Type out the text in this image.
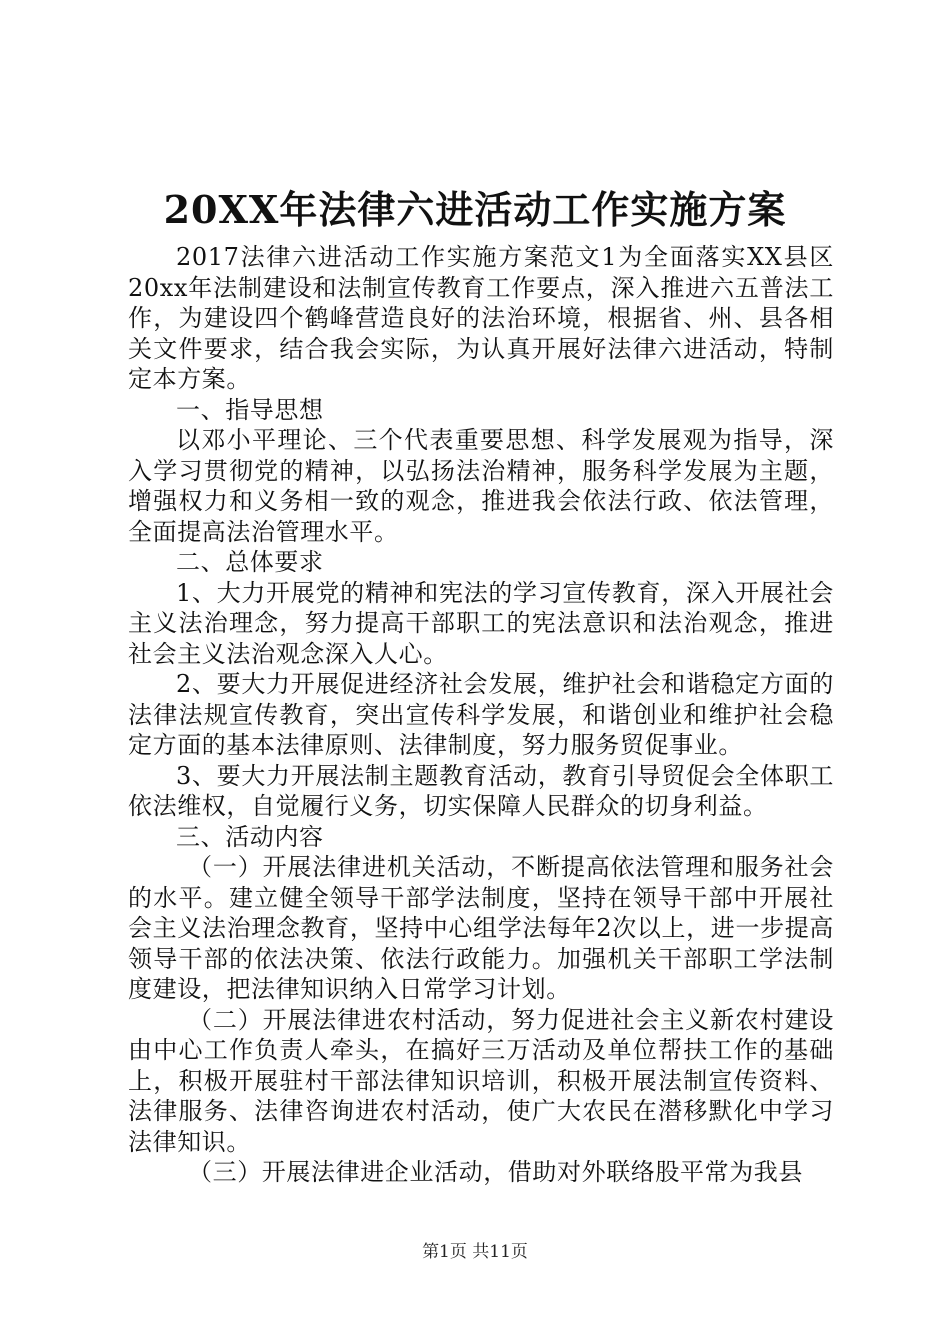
20XX年法律六进活动工作实施方案

2017法律六进活动工作实施方案范文1为全面落实XX县区20xx年法制建设和法制宣传教育工作要点，深入推进六五普法工作，为建设四个鹤峰营造良好的法治环境，根据省、州、县各相关文件要求，结合我会实际，为认真开展好法律六进活动，特制定本方案。

一、指导思想

以邓小平理论、三个代表重要思想、科学发展观为指导，深入学习贯彻党的精神，以弘扬法治精神，服务科学发展为主题，增强权力和义务相一致的观念，推进我会依法行政、依法管理，全面提高法治管理水平。

二、总体要求

1、大力开展党的精神和宪法的学习宣传教育，深入开展社会主义法治理念，努力提高干部职工的宪法意识和法治观念，推进社会主义法治观念深入人心。

2、要大力开展促进经济社会发展，维护社会和谐稳定方面的法律法规宣传教育，突出宣传科学发展，和谐创业和维护社会稳定方面的基本法律原则、法律制度，努力服务贸促事业。

3、要大力开展法制主题教育活动，教育引导贸促会全体职工依法维权，自觉履行义务，切实保障人民群众的切身利益。

三、活动内容

（一）开展法律进机关活动，不断提高依法管理和服务社会的水平。建立健全领导干部学法制度，坚持在领导干部中开展社会主义法治理念教育，坚持中心组学法每年2次以上，进一步提高领导干部的依法决策、依法行政能力。加强机关干部职工学法制度建设，把法律知识纳入日常学习计划。

（二）开展法律进农村活动，努力促进社会主义新农村建设由中心工作负责人牵头，在搞好三万活动及单位帮扶工作的基础上，积极开展驻村干部法律知识培训，积极开展法制宣传资料、法律服务、法律咨询进农村活动，使广大农民在潜移默化中学习法律知识。

（三）开展法律进企业活动，借助对外联络股平常为我县

第1页 共11页
